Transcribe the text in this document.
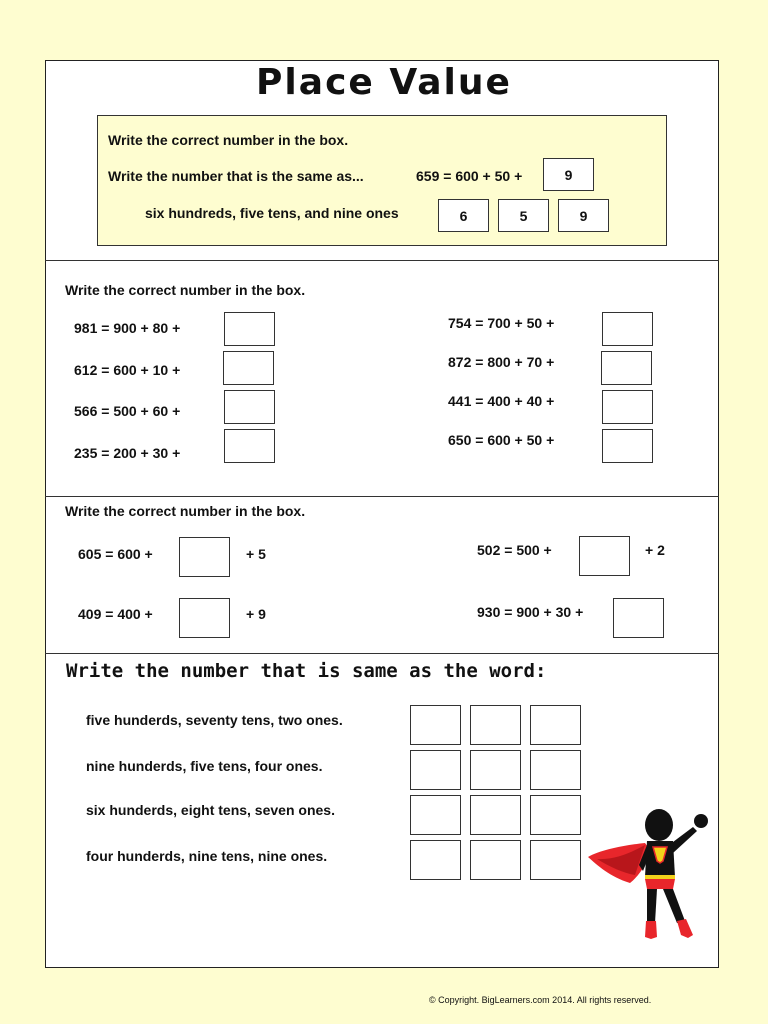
Place Value
Write the correct number in the box.
Write the number that is the same as...	659 = 600 + 50 +	9
six hundreds, five tens, and nine ones	6	5	9
Write the correct number in the box.
981 = 900 + 80 +
612 = 600 + 10 +
566 = 500 + 60 +
235 = 200 + 30 +
754 = 700 + 50 +
872 = 800 + 70 +
441 = 400 + 40 +
650 = 600 + 50 +
Write the correct number in the box.
605 = 600 +	+ 5
409 = 400 +	+ 9
502 = 500 +	+ 2
930 = 900 + 30 +
Write the number that is same as the word:
five hunderds, seventy tens, two ones.
nine hunderds, five tens, four ones.
six hunderds, eight tens, seven ones.
four hunderds, nine tens, nine ones.
© Copyright. BigLearners.com 2014. All rights reserved.
